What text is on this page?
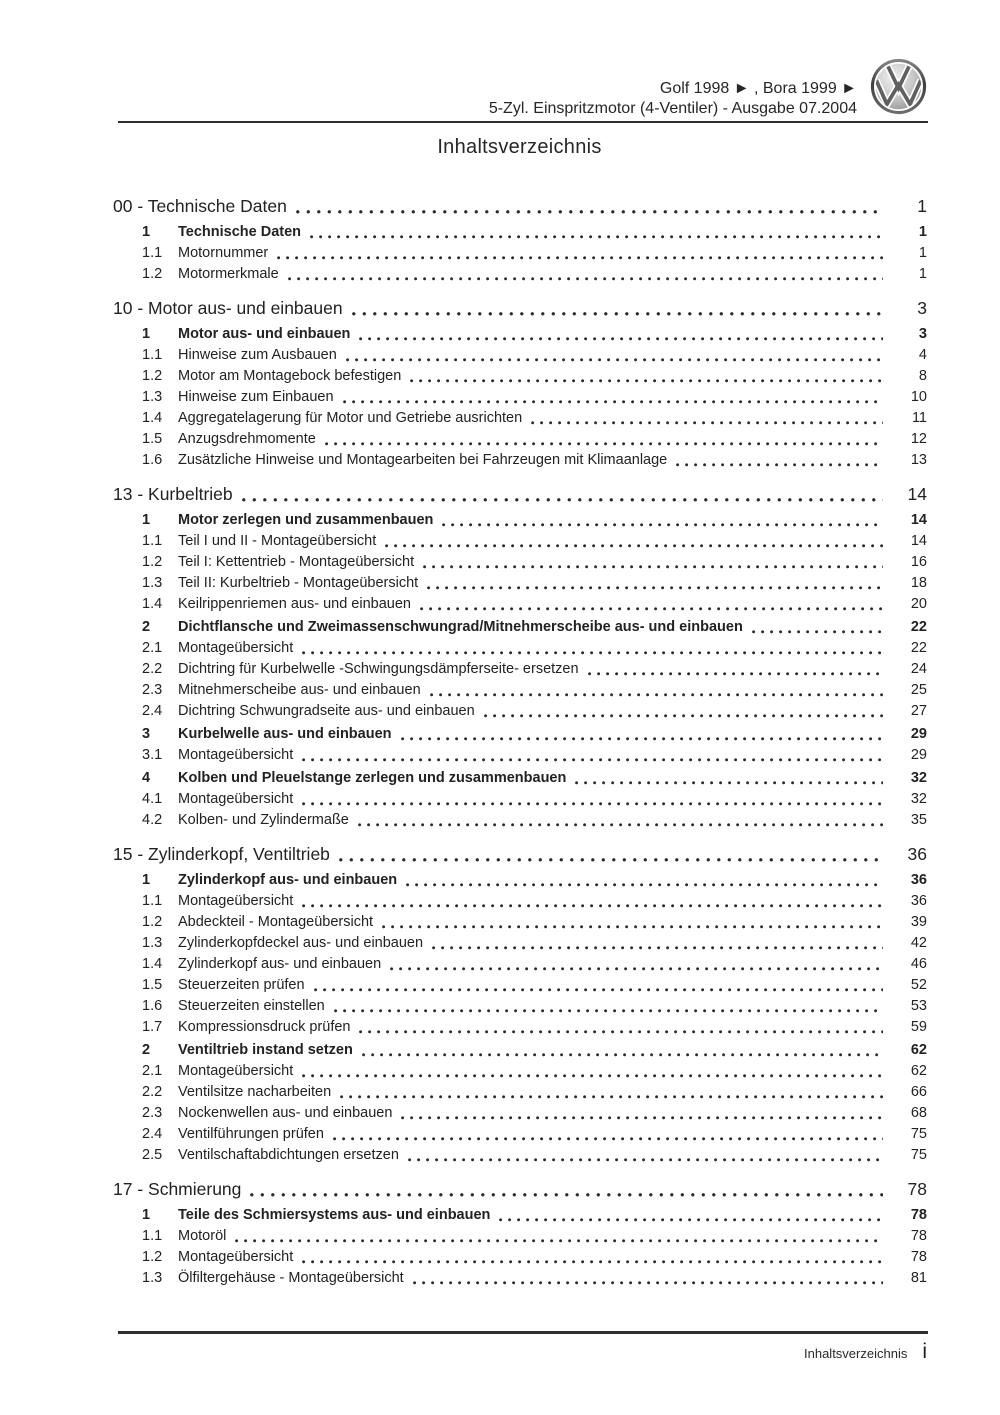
Golf 1998 ► , Bora 1999 ►
5-Zyl. Einspritzmotor (4-Ventiler) - Ausgabe 07.2004
Inhaltsverzeichnis
00 - Technische Daten	1
1	Technische Daten	1
1.1	Motornummer	1
1.2	Motormerkmale	1
10 - Motor aus- und einbauen	3
1	Motor aus- und einbauen	3
1.1	Hinweise zum Ausbauen	4
1.2	Motor am Montagebock befestigen	8
1.3	Hinweise zum Einbauen	10
1.4	Aggregatelagerung für Motor und Getriebe ausrichten	11
1.5	Anzugsdrehmomente	12
1.6	Zusätzliche Hinweise und Montagearbeiten bei Fahrzeugen mit Klimaanlage	13
13 - Kurbeltrieb	14
1	Motor zerlegen und zusammenbauen	14
1.1	Teil I und II - Montageübersicht	14
1.2	Teil I: Kettentrieb - Montageübersicht	16
1.3	Teil II: Kurbeltrieb - Montageübersicht	18
1.4	Keilrippenriemen aus- und einbauen	20
2	Dichtflansche und Zweimassenschwungrad/Mitnehmerscheibe aus- und einbauen	22
2.1	Montageübersicht	22
2.2	Dichtring für Kurbelwelle -Schwingungsdämpferseite- ersetzen	24
2.3	Mitnehmerscheibe aus- und einbauen	25
2.4	Dichtring Schwungradseite aus- und einbauen	27
3	Kurbelwelle aus- und einbauen	29
3.1	Montageübersicht	29
4	Kolben und Pleuelstange zerlegen und zusammenbauen	32
4.1	Montageübersicht	32
4.2	Kolben- und Zylindermaße	35
15 - Zylinderkopf, Ventiltrieb	36
1	Zylinderkopf aus- und einbauen	36
1.1	Montageübersicht	36
1.2	Abdeckteil - Montageübersicht	39
1.3	Zylinderkopfdeckel aus- und einbauen	42
1.4	Zylinderkopf aus- und einbauen	46
1.5	Steuerzeiten prüfen	52
1.6	Steuerzeiten einstellen	53
1.7	Kompressionsdruck prüfen	59
2	Ventiltrieb instand setzen	62
2.1	Montageübersicht	62
2.2	Ventilsitze nacharbeiten	66
2.3	Nockenwellen aus- und einbauen	68
2.4	Ventilführungen prüfen	75
2.5	Ventilschaftabdichtungen ersetzen	75
17 - Schmierung	78
1	Teile des Schmiersystems aus- und einbauen	78
1.1	Motoröl	78
1.2	Montageübersicht	78
1.3	Ölfiltergehäuse - Montageübersicht	81
Inhaltsverzeichnis i
